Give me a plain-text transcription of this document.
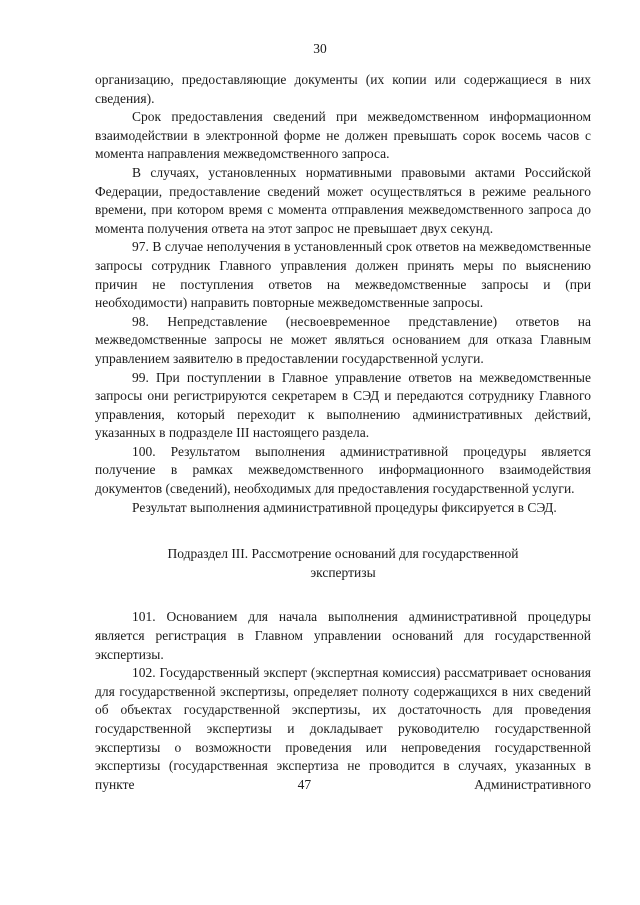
30

организацию, предоставляющие документы (их копии или содержащиеся в них сведения).

Срок предоставления сведений при межведомственном информационном взаимодействии в электронной форме не должен превышать сорок восемь часов с момента направления межведомственного запроса.

В случаях, установленных нормативными правовыми актами Российской Федерации, предоставление сведений может осуществляться в режиме реального времени, при котором время с момента отправления межведомственного запроса до момента получения ответа на этот запрос не превышает двух секунд.

97. В случае неполучения в установленный срок ответов на межведомственные запросы сотрудник Главного управления должен принять меры по выяснению причин не поступления ответов на межведомственные запросы и (при необходимости) направить повторные межведомственные запросы.

98. Непредставление (несвоевременное представление) ответов на межведомственные запросы не может являться основанием для отказа Главным управлением заявителю в предоставлении государственной услуги.

99. При поступлении в Главное управление ответов на межведомственные запросы они регистрируются секретарем в СЭД и передаются сотруднику Главного управления, который переходит к выполнению административных действий, указанных в подразделе III настоящего раздела.

100. Результатом выполнения административной процедуры является получение в рамках межведомственного информационного взаимодействия документов (сведений), необходимых для предоставления государственной услуги.

Результат выполнения административной процедуры фиксируется в СЭД.

Подраздел III. Рассмотрение оснований для государственной
экспертизы

101. Основанием для начала выполнения административной процедуры является регистрация в Главном управлении оснований для государственной экспертизы.

102. Государственный эксперт (экспертная комиссия) рассматривает основания для государственной экспертизы, определяет полноту содержащихся в них сведений об объектах государственной экспертизы, их достаточность для проведения государственной экспертизы и докладывает руководителю государственной экспертизы о возможности проведения или непроведения государственной экспертизы (государственная экспертиза не проводится в случаях, указанных в пункте 47 Административного
